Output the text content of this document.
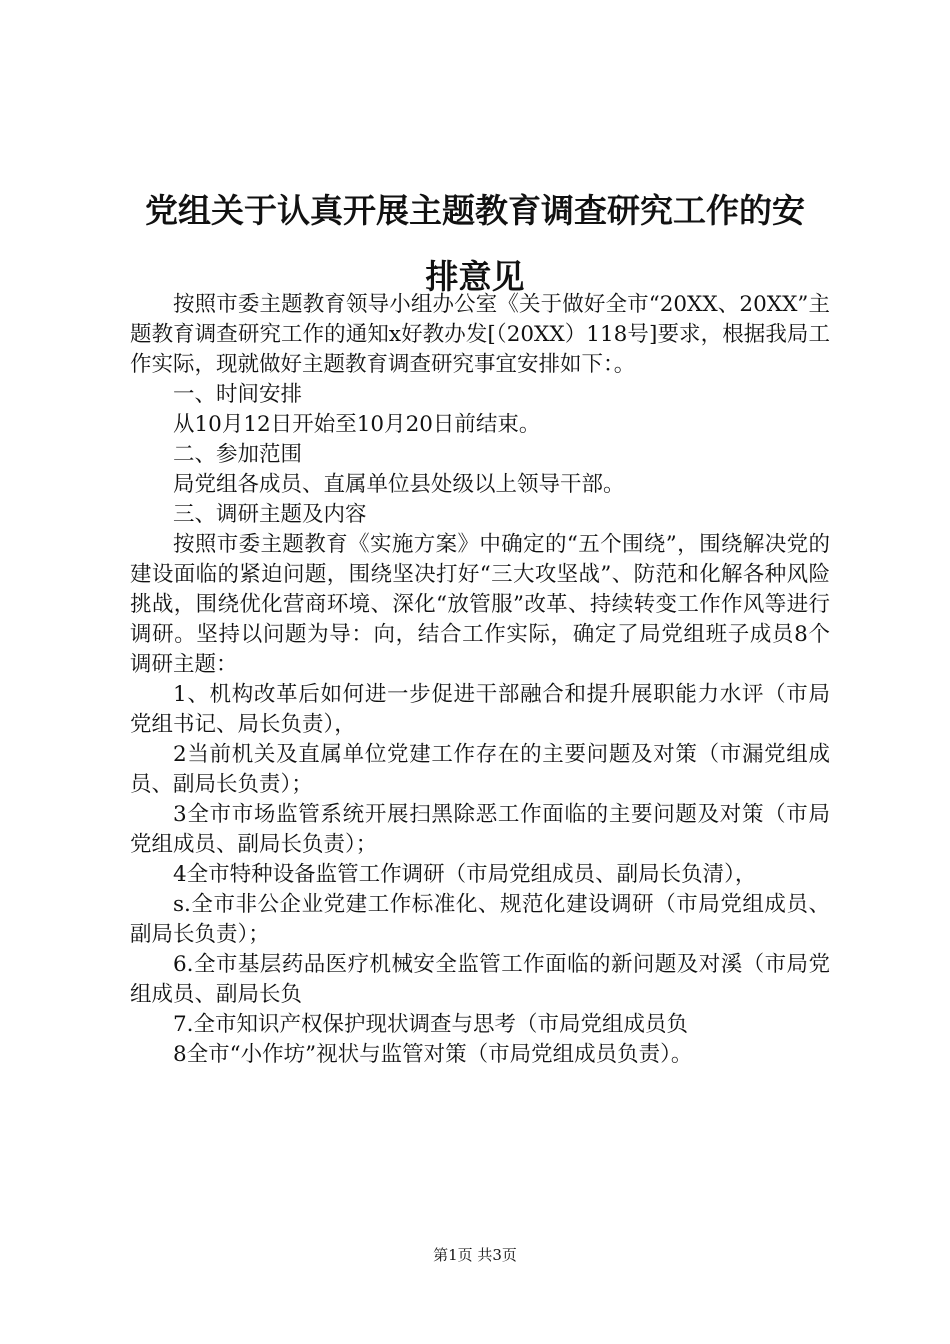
党组关于认真开展主题教育调查研究工作的安
排意见

按照市委主题教育领导小组办公室《关于做好全市“20XX、20XX”主题教育调查研究工作的通知x好教办发[（20XX）118号]要求，根据我局工作实际，现就做好主题教育调查研究事宜安排如下：。

一、时间安排

从10月12日开始至10月20日前结束。

二、参加范围

局党组各成员、直属单位县处级以上领导干部。

三、调研主题及内容

按照市委主题教育《实施方案》中确定的“五个围绕”，围绕解决党的建设面临的紧迫问题，围绕坚决打好“三大攻坚战”、防范和化解各种风险挑战，围绕优化营商环境、深化“放管服”改革、持续转变工作作风等进行调研。坚持以问题为导：向，结合工作实际，确定了局党组班子成员8个调研主题：

1、机构改革后如何进一步促进干部融合和提升展职能力水评（市局党组书记、局长负责），

2当前机关及直属单位党建工作存在的主要问题及对策（市漏党组成员、副局长负责）；

3全市市场监管系统开展扫黑除恶工作面临的主要问题及对策（市局党组成员、副局长负责）；

4全市特种设备监管工作调研（市局党组成员、副局长负清），

s.全市非公企业党建工作标准化、规范化建设调研（市局党组成员、副局长负责）；

6.全市基层药品医疗机械安全监管工作面临的新问题及对溪（市局党组成员、副局长负

7.全市知识产权保护现状调查与思考（市局党组成员负

8全市“小作坊”视状与监管对策（市局党组成员负责）。

第1页 共3页
